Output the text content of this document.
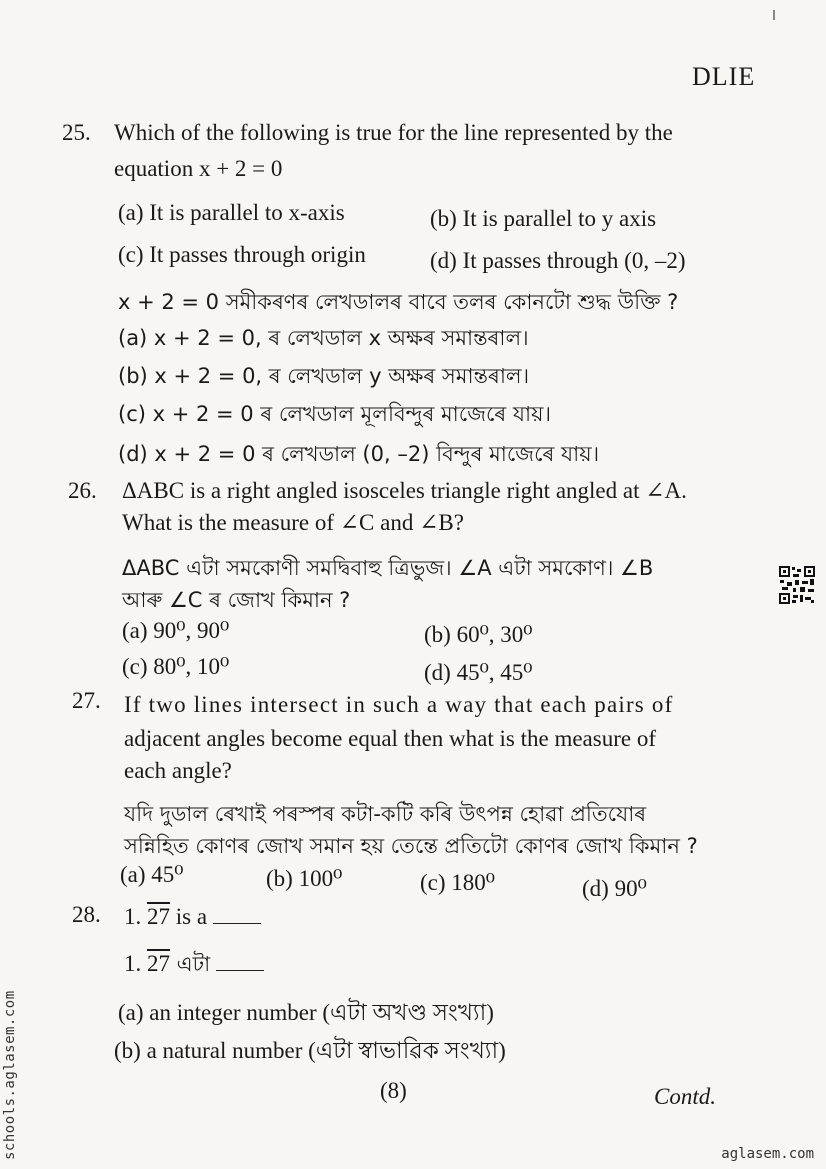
DLIE
25. Which of the following is true for the line represented by the
equation x + 2 = 0
(a) It is parallel to x-axis	(b) It is parallel to y axis
(c) It passes through origin	(d) It passes through (0, –2)
x + 2 = 0 সমীকৰণৰ লেখডালৰ বাবে তলৰ কোনটো শুদ্ধ উক্তি ?
(a) x + 2 = 0, ৰ লেখডাল x অক্ষৰ সমান্তৰাল।
(b) x + 2 = 0, ৰ লেখডাল y অক্ষৰ সমান্তৰাল।
(c) x + 2 = 0 ৰ লেখডাল মূলবিন্দুৰ মাজেৰে যায়।
(d) x + 2 = 0 ৰ লেখডাল (0, –2) বিন্দুৰ মাজেৰে যায়।
26. ΔABC is a right angled isosceles triangle right angled at ∠A.
What is the measure of ∠C and ∠B?
ΔABC এটা সমকোণী সমদ্বিবাহু ত্ৰিভুজ। ∠A এটা সমকোণ। ∠B
আৰু ∠C ৰ জোখ কিমান ?
(a) 90⁰, 90⁰	(b) 60⁰, 30⁰
(c) 80⁰, 10⁰	(d) 45⁰, 45⁰
27. If two lines intersect in such a way that each pairs of
adjacent angles become equal then what is the measure of
each angle?
যদি দুডাল ৰেখাই পৰস্পৰ কটা-কটি কৰি উৎপন্ন হোৱা প্ৰতিযোৰ
সন্নিহিত কোণৰ জোখ সমান হয় তেন্তে প্ৰতিটো কোণৰ জোখ কিমান ?
(a) 45⁰	(b) 100⁰	(c) 180⁰	(d) 90⁰
28. 1. 27 is a
1. 27 এটা
(a) an integer number (এটা অখণ্ড সংখ্যা)
(b) a natural number (এটা স্বাভাৱিক সংখ্যা)
(8)	Contd.
schools.aglasem.com	aglasem.com
